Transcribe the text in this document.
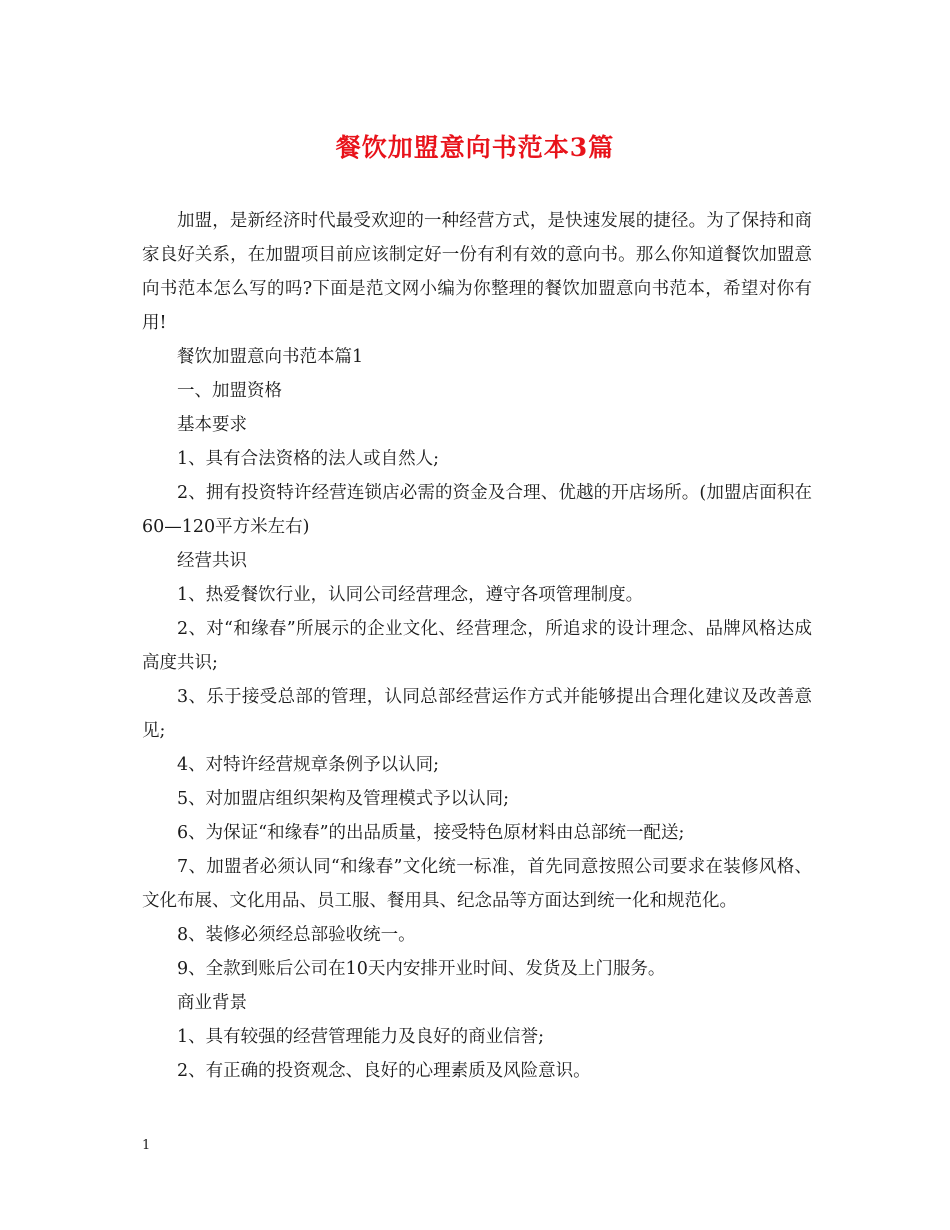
餐饮加盟意向书范本3篇

加盟，是新经济时代最受欢迎的一种经营方式，是快速发展的捷径。为了保持和商家良好关系，在加盟项目前应该制定好一份有利有效的意向书。那么你知道餐饮加盟意向书范本怎么写的吗?下面是范文网小编为你整理的餐饮加盟意向书范本，希望对你有用!

餐饮加盟意向书范本篇1

一、加盟资格

基本要求

1、具有合法资格的法人或自然人;

2、拥有投资特许经营连锁店必需的资金及合理、优越的开店场所。(加盟店面积在60—120平方米左右)

经营共识

1、热爱餐饮行业，认同公司经营理念，遵守各项管理制度。

2、对“和缘春”所展示的企业文化、经营理念，所追求的设计理念、品牌风格达成高度共识;

3、乐于接受总部的管理，认同总部经营运作方式并能够提出合理化建议及改善意见;

4、对特许经营规章条例予以认同;

5、对加盟店组织架构及管理模式予以认同;

6、为保证“和缘春”的出品质量，接受特色原材料由总部统一配送;

7、加盟者必须认同“和缘春”文化统一标准，首先同意按照公司要求在装修风格、文化布展、文化用品、员工服、餐用具、纪念品等方面达到统一化和规范化。

8、装修必须经总部验收统一。

9、全款到账后公司在10天内安排开业时间、发货及上门服务。

商业背景

1、具有较强的经营管理能力及良好的商业信誉;

2、有正确的投资观念、良好的心理素质及风险意识。

1
